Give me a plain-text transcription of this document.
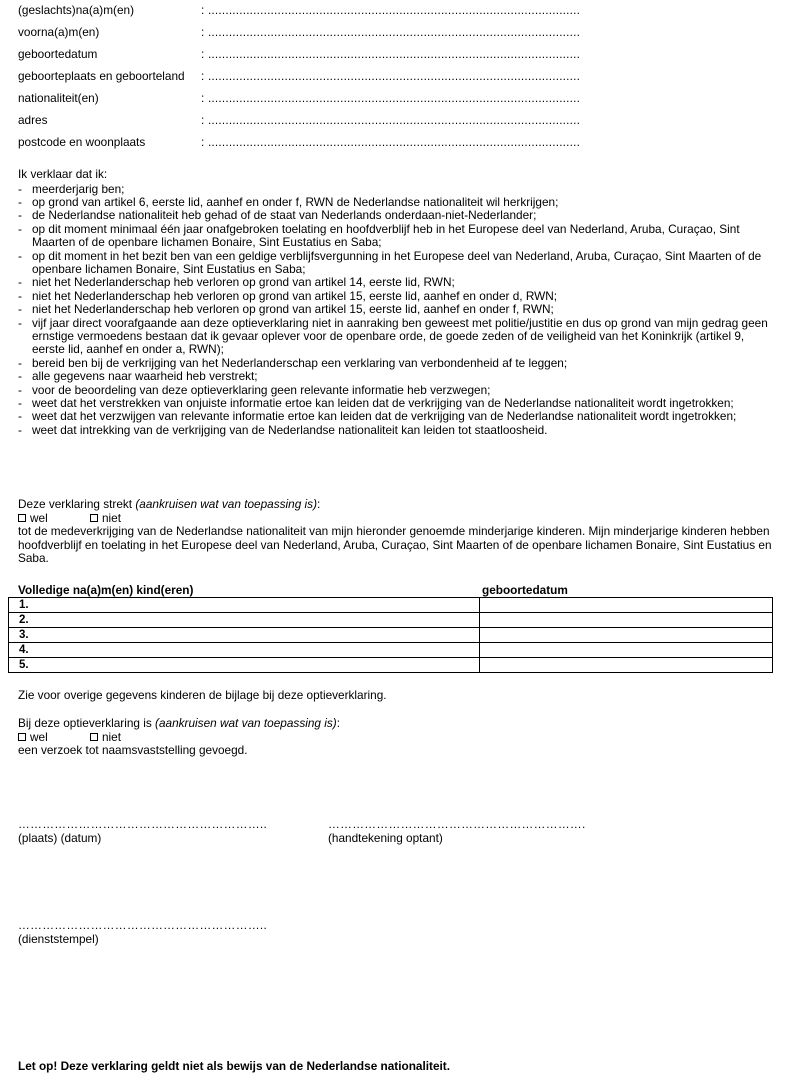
(geslachts)na(a)m(en)	: ...........................................................................................................
voorna(a)m(en)	: ...........................................................................................................
geboortedatum	: ...........................................................................................................
geboorteplaats en geboorteland : ...........................................................................................................
nationaliteit(en)	: ...........................................................................................................
adres	: ...........................................................................................................
postcode en woonplaats	: ...........................................................................................................
Ik verklaar dat ik:
- meerderjarig ben;
- op grond van artikel 6, eerste lid, aanhef en onder f, RWN de Nederlandse nationaliteit wil herkrijgen;
- de Nederlandse nationaliteit heb gehad of de staat van Nederlands onderdaan-niet-Nederlander;
- op dit moment minimaal één jaar onafgebroken toelating en hoofdverblijf heb in het Europese deel van Nederland, Aruba, Curaçao, Sint Maarten of de openbare lichamen Bonaire, Sint Eustatius en Saba;
- op dit moment in het bezit ben van een geldige verblijfsvergunning in het Europese deel van Nederland, Aruba, Curaçao, Sint Maarten of de openbare lichamen Bonaire, Sint Eustatius en Saba;
- niet het Nederlanderschap heb verloren op grond van artikel 14, eerste lid, RWN;
- niet het Nederlanderschap heb verloren op grond van artikel 15, eerste lid, aanhef en onder d, RWN;
- niet het Nederlanderschap heb verloren op grond van artikel 15, eerste lid, aanhef en onder f, RWN;
- vijf jaar direct voorafgaande aan deze optieverklaring niet in aanraking ben geweest met politie/justitie en dus op grond van mijn gedrag geen ernstige vermoedens bestaan dat ik gevaar oplever voor de openbare orde, de goede zeden of de veiligheid van het Koninkrijk (artikel 9, eerste lid, aanhef en onder a, RWN);
- bereid ben bij de verkrijging van het Nederlanderschap een verklaring van verbondenheid af te leggen;
- alle gegevens naar waarheid heb verstrekt;
- voor de beoordeling van deze optieverklaring geen relevante informatie heb verzwegen;
- weet dat het verstrekken van onjuiste informatie ertoe kan leiden dat de verkrijging van de Nederlandse nationaliteit wordt ingetrokken;
- weet dat het verzwijgen van relevante informatie ertoe kan leiden dat de verkrijging van de Nederlandse nationaliteit wordt ingetrokken;
- weet dat intrekking van de verkrijging van de Nederlandse nationaliteit kan leiden tot staatloosheid.
Deze verklaring strekt (aankruisen wat van toepassing is):
wel	niet
tot de medeverkrijging van de Nederlandse nationaliteit van mijn hieronder genoemde minderjarige kinderen. Mijn minderjarige kinderen hebben hoofdverblijf en toelating in het Europese deel van Nederland, Aruba, Curaçao, Sint Maarten of de openbare lichamen Bonaire, Sint Eustatius en Saba.
Volledige na(a)m(en) kind(eren)	geboortedatum
1.	
2.	
3.	
4.	
5.	
Zie voor overige gegevens kinderen de bijlage bij deze optieverklaring.
Bij deze optieverklaring is (aankruisen wat van toepassing is):
wel	niet
een verzoek tot naamsvaststelling gevoegd.
……………………………………………………..
(plaats) (datum)
……………………………………………………….
(handtekening optant)
……………………………………………………..
(dienststempel)
Let op! Deze verklaring geldt niet als bewijs van de Nederlandse nationaliteit.
